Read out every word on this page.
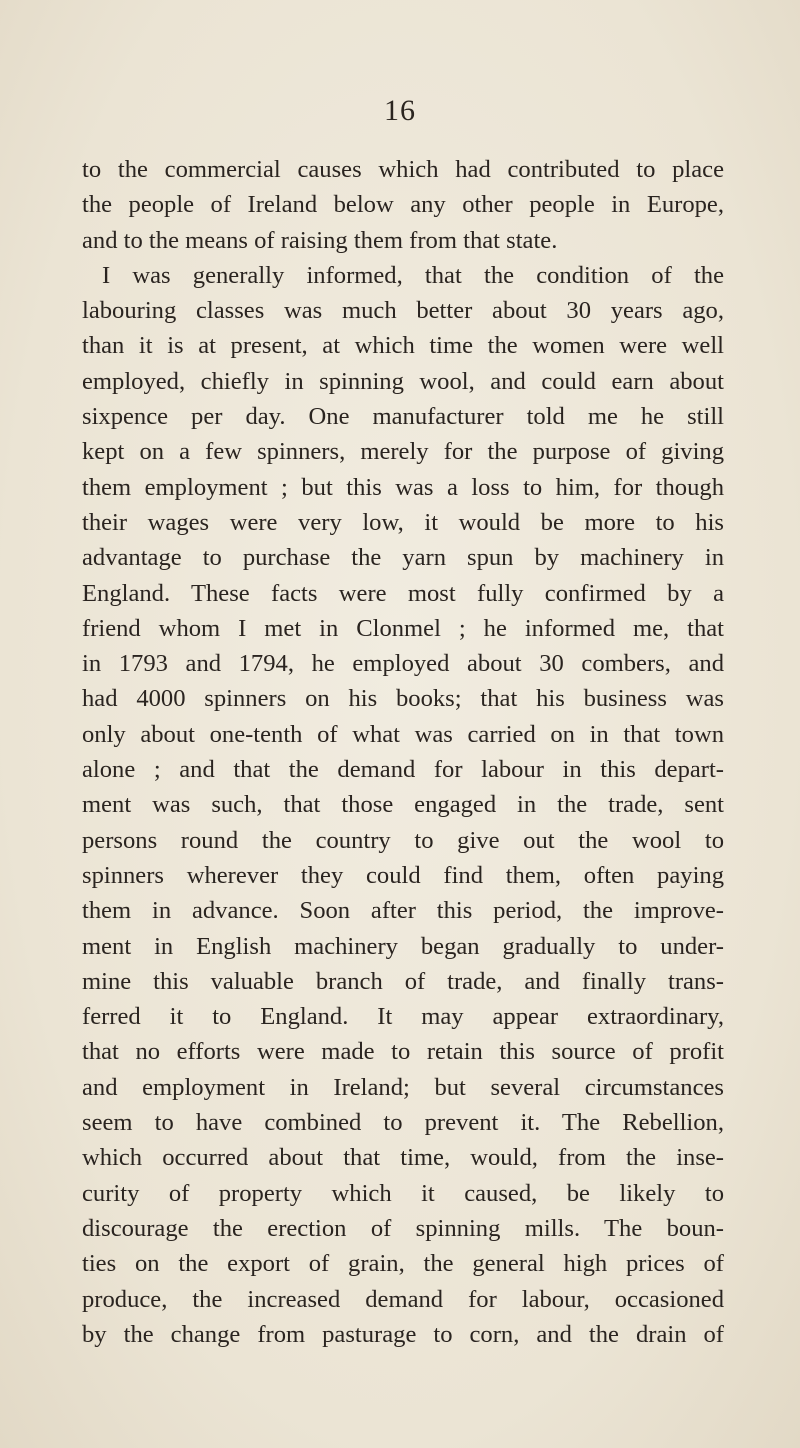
16
to the commercial causes which had contributed to place
the people of Ireland below any other people in Europe,
and to the means of raising them from that state.
I was generally informed, that the condition of the
labouring classes was much better about 30 years ago,
than it is at present, at which time the women were well
employed, chiefly in spinning wool, and could earn about
sixpence per day. One manufacturer told me he still
kept on a few spinners, merely for the purpose of giving
them employment ; but this was a loss to him, for though
their wages were very low, it would be more to his
advantage to purchase the yarn spun by machinery in
England. These facts were most fully confirmed by a
friend whom I met in Clonmel ; he informed me, that
in 1793 and 1794, he employed about 30 combers, and
had 4000 spinners on his books; that his business was
only about one-tenth of what was carried on in that town
alone ; and that the demand for labour in this depart-
ment was such, that those engaged in the trade, sent
persons round the country to give out the wool to
spinners wherever they could find them, often paying
them in advance. Soon after this period, the improve-
ment in English machinery began gradually to under-
mine this valuable branch of trade, and finally trans-
ferred it to England. It may appear extraordinary,
that no efforts were made to retain this source of profit
and employment in Ireland; but several circumstances
seem to have combined to prevent it. The Rebellion,
which occurred about that time, would, from the inse-
curity of property which it caused, be likely to
discourage the erection of spinning mills. The boun-
ties on the export of grain, the general high prices of
produce, the increased demand for labour, occasioned
by the change from pasturage to corn, and the drain of
